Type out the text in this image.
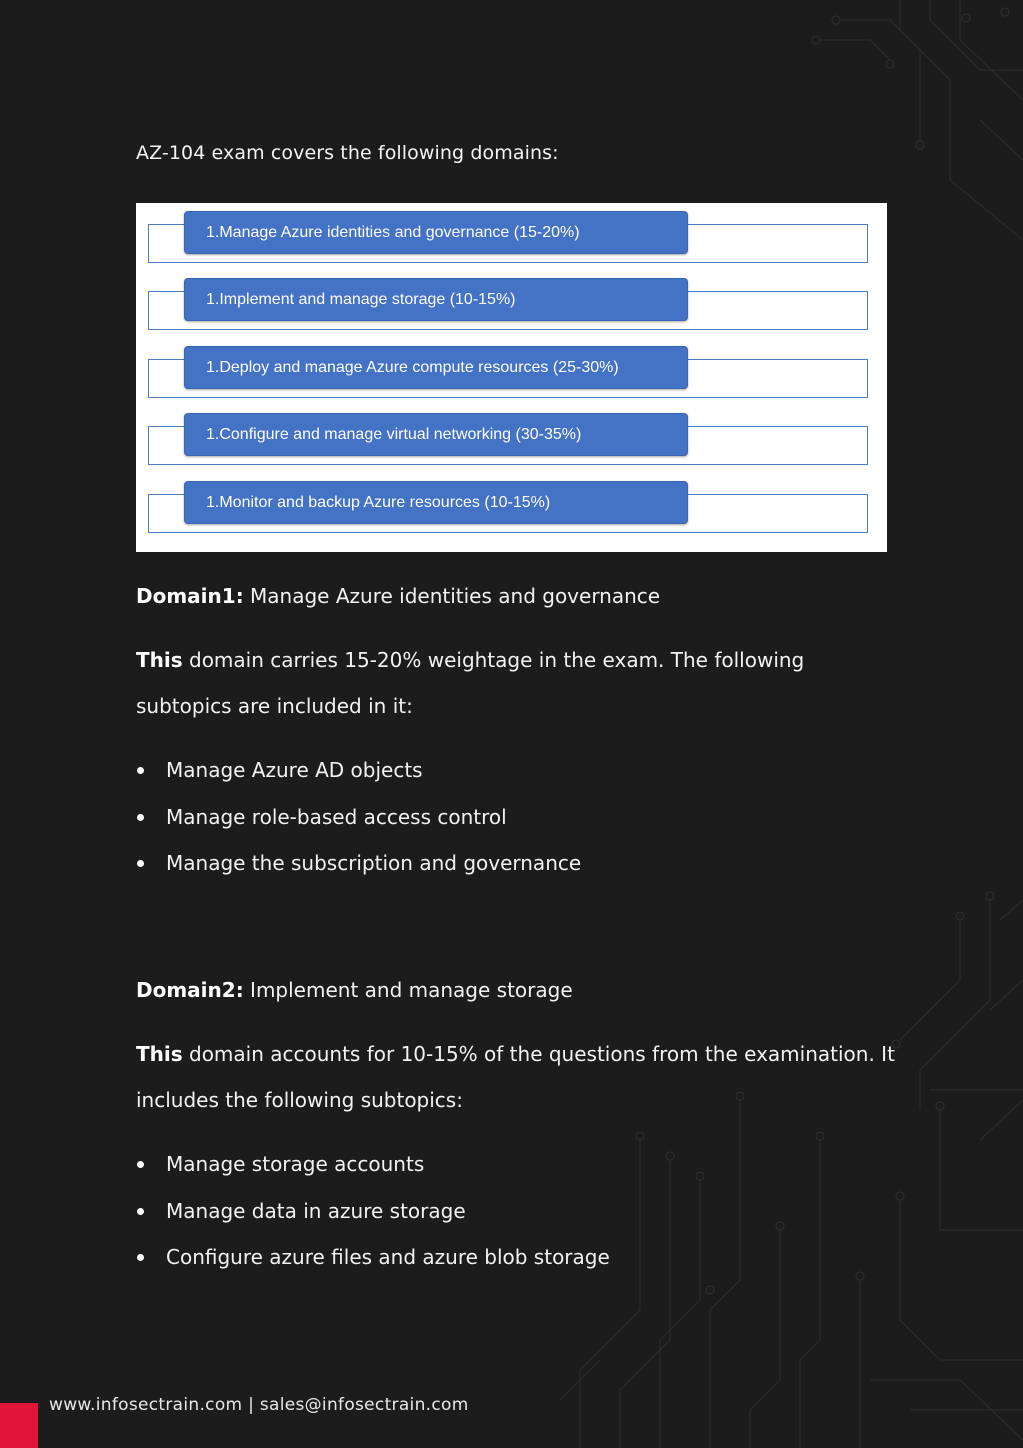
AZ-104 exam covers the following domains:
1.Manage Azure identities and governance (15-20%)
1.Implement and manage storage (10-15%)
1.Deploy and manage Azure compute resources (25-30%)
1.Configure and manage virtual networking (30-35%)
1.Monitor and backup Azure resources (10-15%)
Domain1: Manage Azure identities and governance
This domain carries 15-20% weightage in the exam. The following
subtopics are included in it:
Manage Azure AD objects
Manage role-based access control
Manage the subscription and governance
Domain2: Implement and manage storage
This domain accounts for 10-15% of the questions from the examination. It
includes the following subtopics:
Manage storage accounts
Manage data in azure storage
Configure azure files and azure blob storage
www.infosectrain.com | sales@infosectrain.com
